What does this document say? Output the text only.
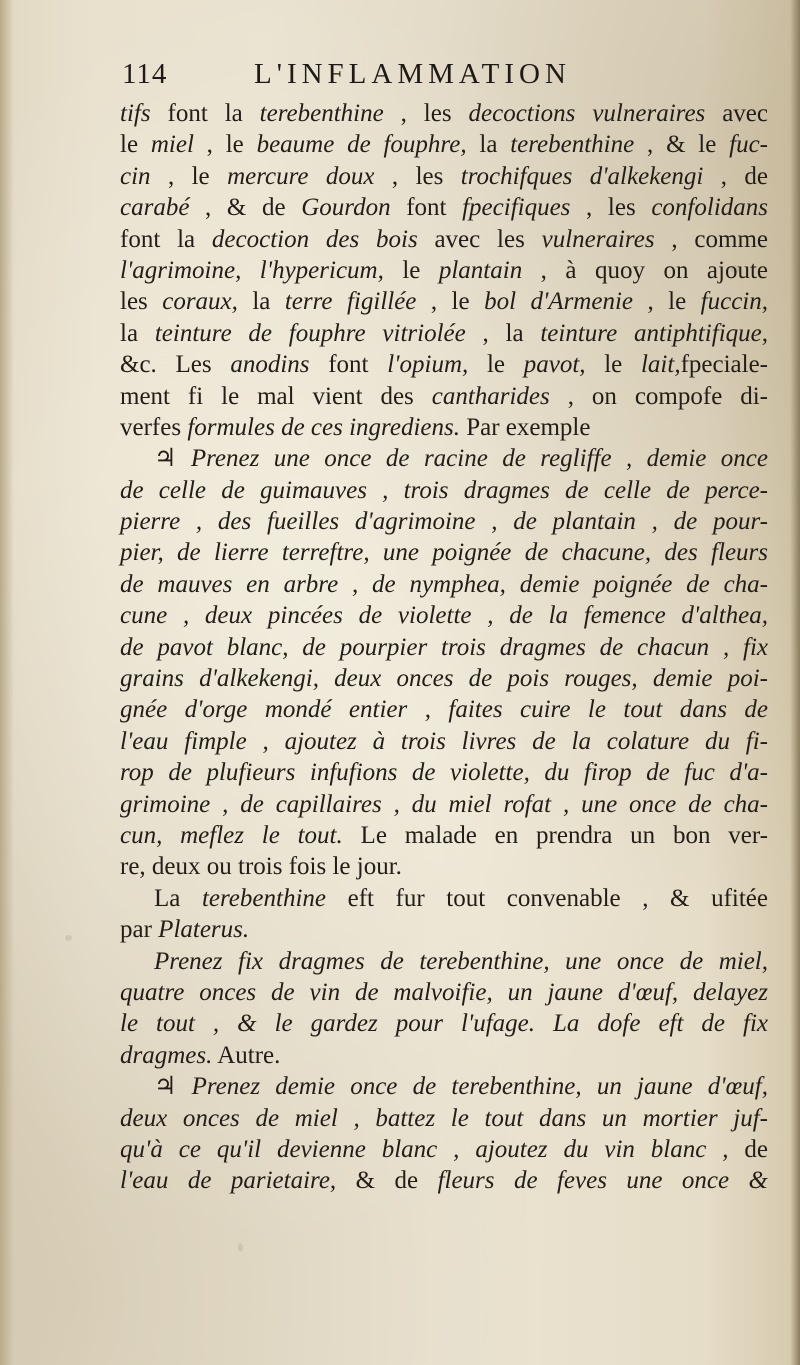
114	L'INFLAMMATION
tifs font la terebenthine , les decoctions vulneraires avec
le miel , le beaume de fouphre, la terebenthine , & le fuc-
cin , le mercure doux , les trochifques d'alkekengi , de
carabé , & de Gourdon font fpecifiques , les confolidans
font la decoction des bois avec les vulneraires , comme
l'agrimoine, l'hypericum, le plantain , à quoy on ajoute
les coraux, la terre figillée , le bol d'Armenie , le fuccin,
la teinture de fouphre vitriolée , la teinture antiphtifique,
&c. Les anodins font l'opium, le pavot, le lait,fpeciale-
ment fi le mal vient des cantharides , on compofe di-
verfes formules de ces ingrediens. Par exemple
♃ Prenez une once de racine de regliffe , demie once
de celle de guimauves , trois dragmes de celle de perce-
pierre , des fueilles d'agrimoine , de plantain , de pour-
pier, de lierre terreftre, une poignée de chacune, des fleurs
de mauves en arbre , de nymphea, demie poignée de cha-
cune , deux pincées de violette , de la femence d'althea,
de pavot blanc, de pourpier trois dragmes de chacun , fix
grains d'alkekengi, deux onces de pois rouges, demie poi-
gnée d'orge mondé entier , faites cuire le tout dans de
l'eau fimple , ajoutez à trois livres de la colature du fi-
rop de plufieurs infufions de violette, du firop de fuc d'a-
grimoine , de capillaires , du miel rofat , une once de cha-
cun, meflez le tout. Le malade en prendra un bon ver-
re, deux ou trois fois le jour.
La terebenthine eft fur tout convenable , & ufitée
par Platerus.
Prenez fix dragmes de terebenthine, une once de miel,
quatre onces de vin de malvoifie, un jaune d'œuf, delayez
le tout , & le gardez pour l'ufage. La dofe eft de fix
dragmes. Autre.
♃ Prenez demie once de terebenthine, un jaune d'œuf,
deux onces de miel , battez le tout dans un mortier juf-
qu'à ce qu'il devienne blanc , ajoutez du vin blanc , de
l'eau de parietaire, & de fleurs de feves une once &
